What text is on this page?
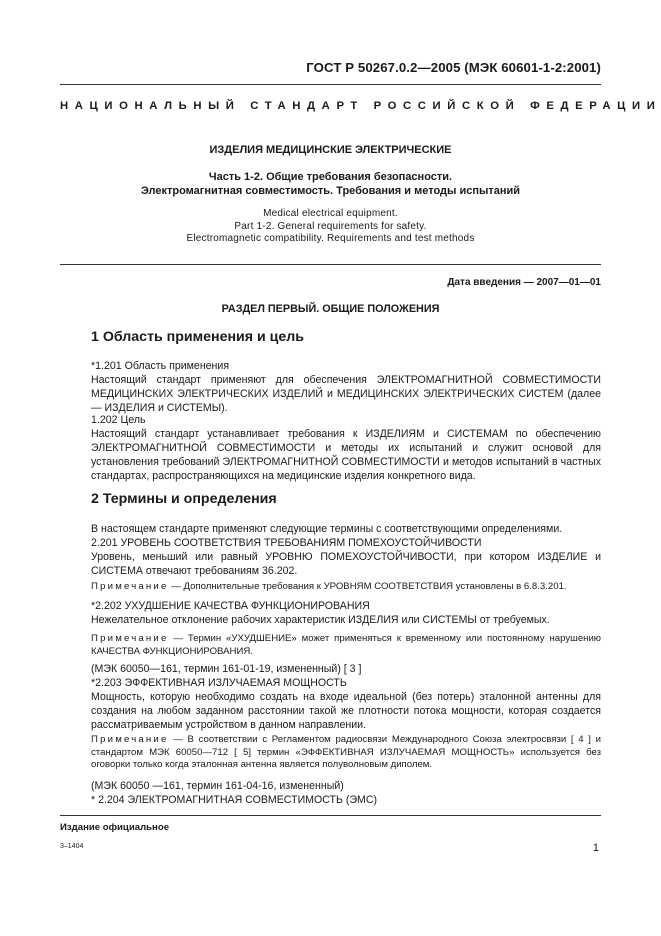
ГОСТ Р 50267.0.2—2005 (МЭК 60601-1-2:2001)
НАЦИОНАЛЬНЫЙ СТАНДАРТ РОССИЙСКОЙ ФЕДЕРАЦИИ
ИЗДЕЛИЯ МЕДИЦИНСКИЕ ЭЛЕКТРИЧЕСКИЕ
Часть 1-2. Общие требования безопасности.
Электромагнитная совместимость. Требования и методы испытаний
Medical electrical equipment.
Part 1-2. General requirements for safety.
Electromagnetic compatibility. Requirements and test methods
Дата введения — 2007—01—01
РАЗДЕЛ ПЕРВЫЙ. ОБЩИЕ ПОЛОЖЕНИЯ
1 Область применения и цель
*1.201 Область применения
Настоящий стандарт применяют для обеспечения ЭЛЕКТРОМАГНИТНОЙ СОВМЕСТИМОСТИ МЕДИЦИНСКИХ ЭЛЕКТРИЧЕСКИХ ИЗДЕЛИЙ и МЕДИЦИНСКИХ ЭЛЕКТРИЧЕСКИХ СИСТЕМ (далее — ИЗДЕЛИЯ и СИСТЕМЫ).
1.202 Цель
Настоящий стандарт устанавливает требования к ИЗДЕЛИЯМ и СИСТЕМАМ по обеспечению ЭЛЕКТРОМАГНИТНОЙ СОВМЕСТИМОСТИ и методы их испытаний и служит основой для установления требований ЭЛЕКТРОМАГНИТНОЙ СОВМЕСТИМОСТИ и методов испытаний в частных стандартах, распространяющихся на медицинские изделия конкретного вида.
2 Термины и определения
В настоящем стандарте применяют следующие термины с соответствующими определениями.
2.201 УРОВЕНЬ СООТВЕТСТВИЯ ТРЕБОВАНИЯМ ПОМЕХОУСТОЙЧИВОСТИ
Уровень, меньший или равный УРОВНЮ ПОМЕХОУСТОЙЧИВОСТИ, при котором ИЗДЕЛИЕ и СИСТЕМА отвечают требованиям 36.202.
Примечание — Дополнительные требования к УРОВНЯМ СООТВЕТСТВИЯ установлены в 6.8.3.201.
*2.202 УХУДШЕНИЕ КАЧЕСТВА ФУНКЦИОНИРОВАНИЯ
Нежелательное отклонение рабочих характеристик ИЗДЕЛИЯ или СИСТЕМЫ от требуемых.
Примечание — Термин «УХУДШЕНИЕ» может применяться к временному или постоянному нарушению КАЧЕСТВА ФУНКЦИОНИРОВАНИЯ.
(МЭК 60050—161, термин 161-01-19, измененный) [ 3 ]
*2.203 ЭФФЕКТИВНАЯ ИЗЛУЧАЕМАЯ МОЩНОСТЬ
Мощность, которую необходимо создать на входе идеальной (без потерь) эталонной антенны для создания на любом заданном расстоянии такой же плотности потока мощности, которая создается рассматриваемым устройством в данном направлении.
Примечание — В соответствии с Регламентом радиосвязи Международного Союза электросвязи [ 4 ] и стандартом МЭК 60050—712 [ 5] термин «ЭФФЕКТИВНАЯ ИЗЛУЧАЕМАЯ МОЩНОСТЬ» используется без оговорки только когда эталонная антенна является полуволновым диполем.
(МЭК 60050 —161, термин 161-04-16, измененный)
* 2.204 ЭЛЕКТРОМАГНИТНАЯ СОВМЕСТИМОСТЬ (ЭМС)
Издание официальное
3–1404	1
